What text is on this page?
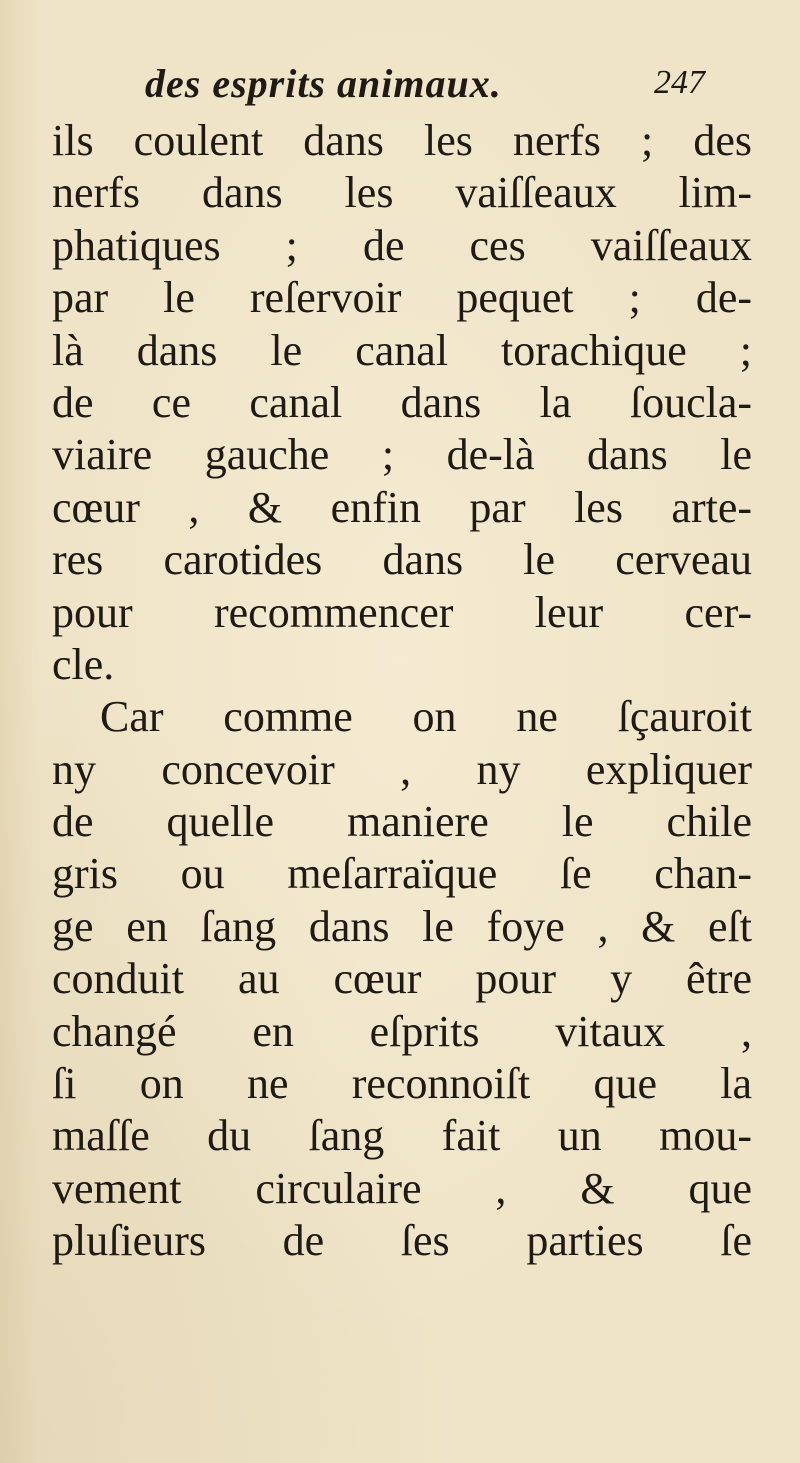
des esprits animaux.	247
ils coulent dans les nerfs ; des
nerfs dans les vaiſſeaux lim-
phatiques ; de ces vaiſſeaux
par le reſervoir pequet ; de-
là dans le canal torachique ;
de ce canal dans la ſoucla-
viaire gauche ; de-là dans le
cœur , & enfin par les arte-
res carotides dans le cerveau
pour recommencer leur cer-
cle.
Car comme on ne ſçauroit
ny concevoir , ny expliquer
de quelle maniere le chile
gris ou meſarraïque ſe chan-
ge en ſang dans le foye , & eſt
conduit au cœur pour y être
changé en eſprits vitaux ,
ſi on ne reconnoiſt que la
maſſe du ſang fait un mou-
vement circulaire , & que
pluſieurs de ſes parties ſe
